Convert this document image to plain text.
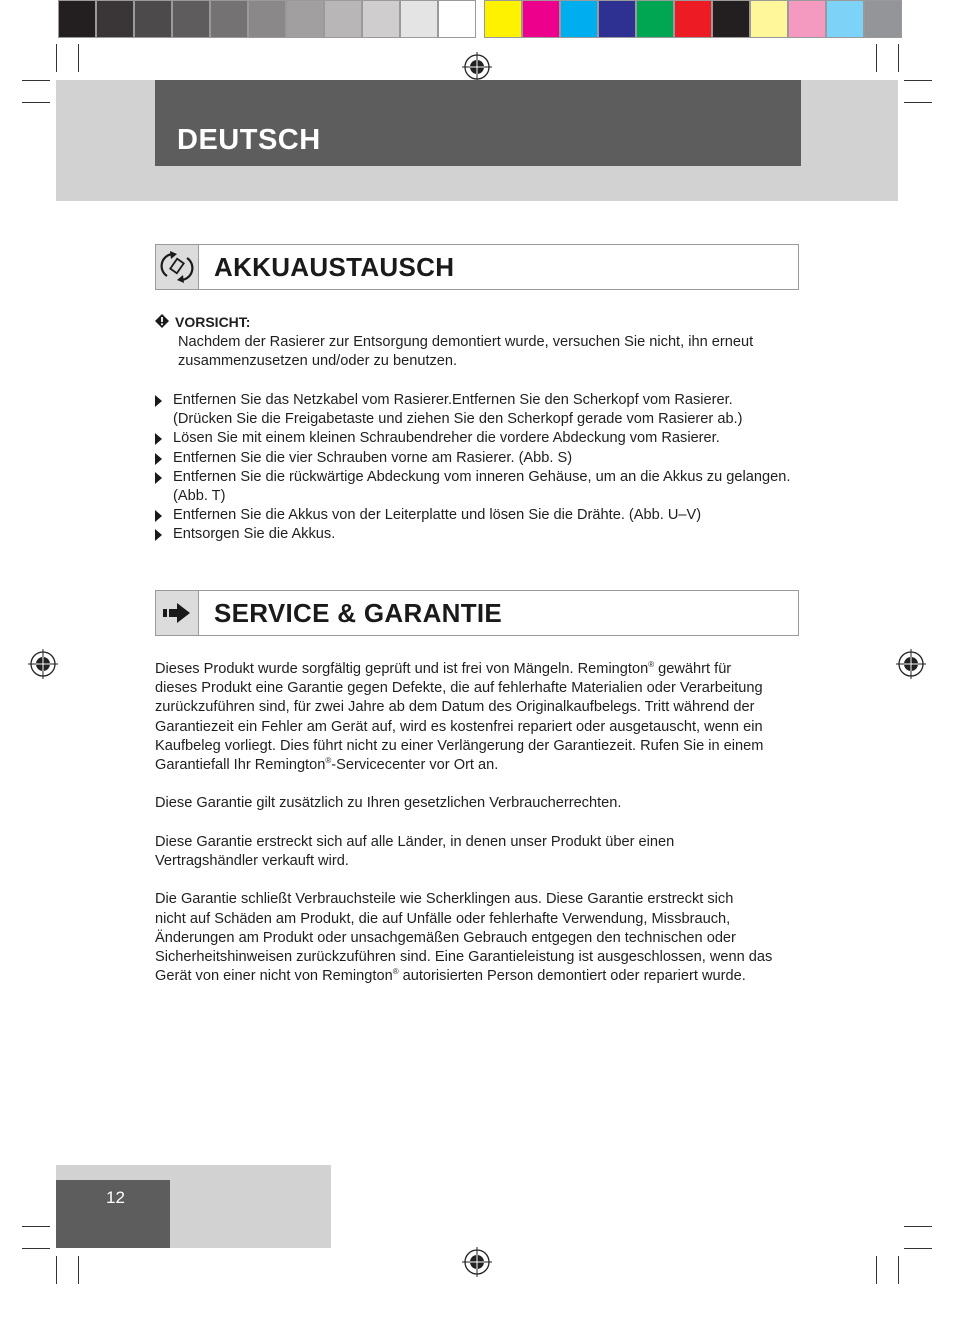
DEUTSCH
AKKUAUSTAUSCH
VORSICHT:
Nachdem der Rasierer zur Entsorgung demontiert wurde, versuchen Sie nicht, ihn erneut
zusammenzusetzen und/oder zu benutzen.
Entfernen Sie das Netzkabel vom Rasierer.Entfernen Sie den Scherkopf vom Rasierer.
(Drücken Sie die Freigabetaste und ziehen Sie den Scherkopf gerade vom Rasierer ab.)
Lösen Sie mit einem kleinen Schraubendreher die vordere Abdeckung vom Rasierer.
Entfernen Sie die vier Schrauben vorne am Rasierer. (Abb. S)
Entfernen Sie die rückwärtige Abdeckung vom inneren Gehäuse, um an die Akkus zu gelangen.
(Abb. T)
Entfernen Sie die Akkus von der Leiterplatte und lösen Sie die Drähte. (Abb. U–V)
Entsorgen Sie die Akkus.
SERVICE & GARANTIE
Dieses Produkt wurde sorgfältig geprüft und ist frei von Mängeln. Remington® gewährt für
dieses Produkt eine Garantie gegen Defekte, die auf fehlerhafte Materialien oder Verarbeitung
zurückzuführen sind, für zwei Jahre ab dem Datum des Originalkaufbelegs. Tritt während der
Garantiezeit ein Fehler am Gerät auf, wird es kostenfrei repariert oder ausgetauscht, wenn ein
Kaufbeleg vorliegt. Dies führt nicht zu einer Verlängerung der Garantiezeit. Rufen Sie in einem
Garantiefall Ihr Remington®-Servicecenter vor Ort an.
Diese Garantie gilt zusätzlich zu Ihren gesetzlichen Verbraucherrechten.
Diese Garantie erstreckt sich auf alle Länder, in denen unser Produkt über einen
Vertragshändler verkauft wird.
Die Garantie schließt Verbrauchsteile wie Scherklingen aus. Diese Garantie erstreckt sich
nicht auf Schäden am Produkt, die auf Unfälle oder fehlerhafte Verwendung, Missbrauch,
Änderungen am Produkt oder unsachgemäßen Gebrauch entgegen den technischen oder
Sicherheitshinweisen zurückzuführen sind. Eine Garantieleistung ist ausgeschlossen, wenn das
Gerät von einer nicht von Remington® autorisierten Person demontiert oder repariert wurde.
12
